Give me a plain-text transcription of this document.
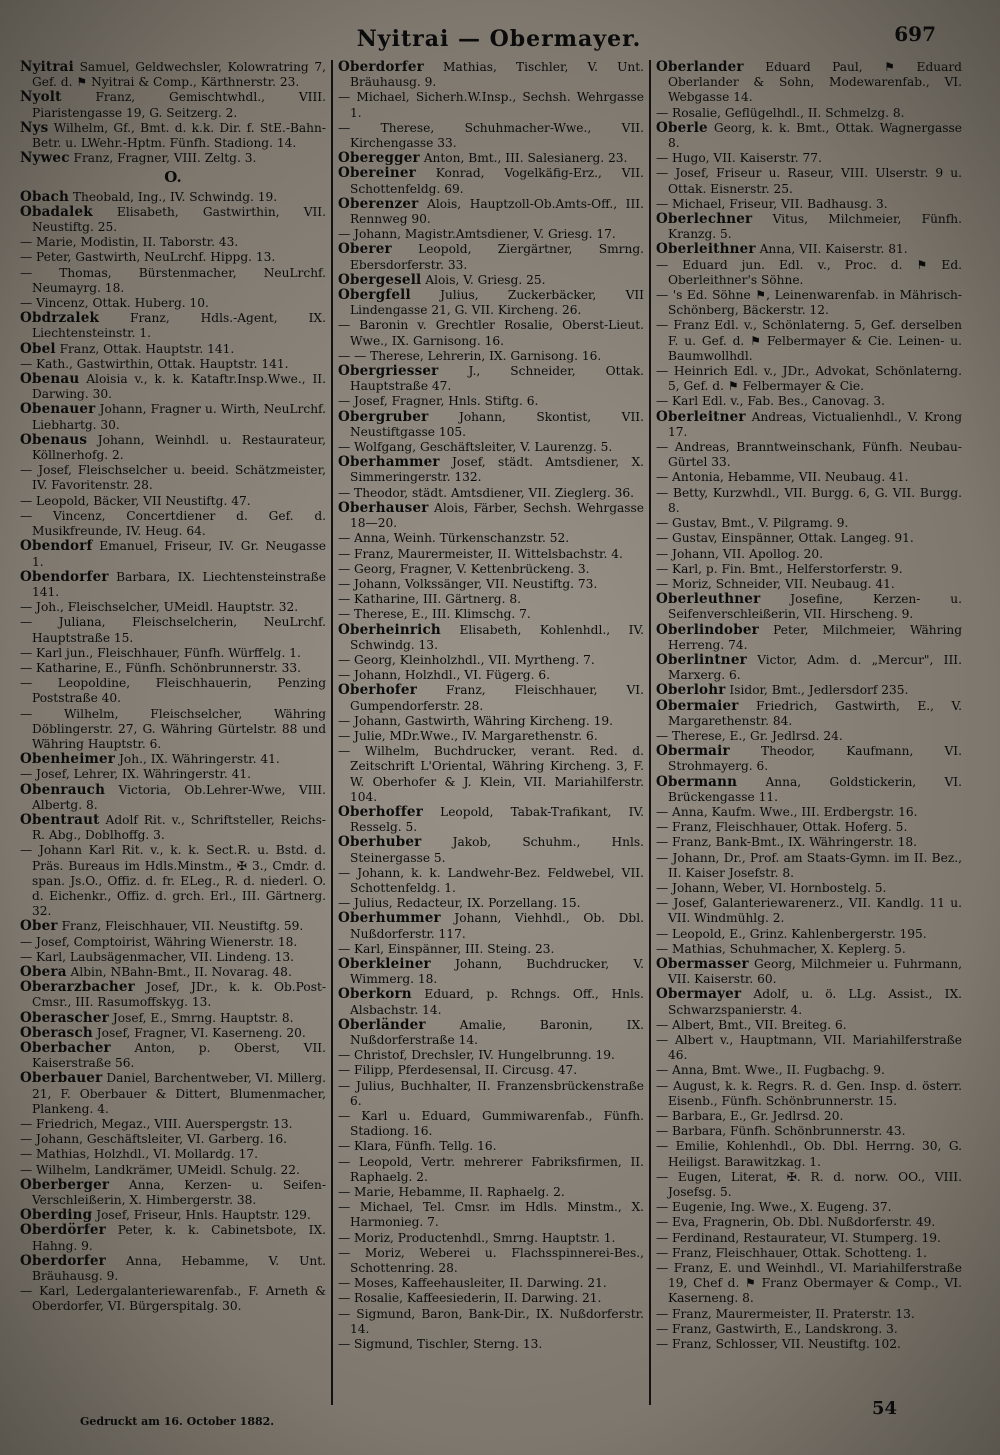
Nyitrai — Obermayer.	697

Nyitrai Samuel, Geldwechsler, Kolowratring 7, Gef. d. ⚑ Nyitrai & Comp., Kärthnerstr. 23.

Nyolt Franz, Gemischtwhdl., VIII. Piaristengasse 19, G. Seitzerg. 2.

Nys Wilhelm, Gf., Bmt. d. k.k. Dir. f. StE.-Bahn-Betr. u. LWehr.-Hptm. Fünfh. Stadiong. 14.

Nywec Franz, Fragner, VIII. Zeltg. 3.

O.

Obach Theobald, Ing., IV. Schwindg. 19.

Obadalek Elisabeth, Gastwirthin, VII. Neustiftg. 25.

— Marie, Modistin, II. Taborstr. 43.

— Peter, Gastwirth, NeuLrchf. Hippg. 13.

— Thomas, Bürstenmacher, NeuLrchf. Neumayrg. 18.

— Vincenz, Ottak. Huberg. 10.

Obdrzalek Franz, Hdls.-Agent, IX. Liechtensteinstr. 1.

Obel Franz, Ottak. Hauptstr. 141.

— Kath., Gastwirthin, Ottak. Hauptstr. 141.

Obenau Aloisia v., k. k. Kataftr.Insp.Wwe., II. Darwing. 30.

Obenauer Johann, Fragner u. Wirth, NeuLrchf. Liebhartg. 30.

Obenaus Johann, Weinhdl. u. Restaurateur, Köllnerhofg. 2.

— Josef, Fleischselcher u. beeid. Schätzmeister, IV. Favoritenstr. 28.

— Leopold, Bäcker, VII Neustiftg. 47.

— Vincenz, Concertdiener d. Gef. d. Musikfreunde, IV. Heug. 64.

Obendorf Emanuel, Friseur, IV. Gr. Neugasse 1.

Obendorfer Barbara, IX. Liechtensteinstraße 141.

— Joh., Fleischselcher, UMeidl. Hauptstr. 32.

— Juliana, Fleischselcherin, NeuLrchf. Hauptstraße 15.

— Karl jun., Fleischhauer, Fünfh. Würffelg. 1.

— Katharine, E., Fünfh. Schönbrunnerstr. 33.

— Leopoldine, Fleischhauerin, Penzing Poststraße 40.

— Wilhelm, Fleischselcher, Währing Döblingerstr. 27, G. Währing Gürtelstr. 88 und Währing Hauptstr. 6.

Obenheimer Joh., IX. Währingerstr. 41.

— Josef, Lehrer, IX. Währingerstr. 41.

Obenrauch Victoria, Ob.Lehrer-Wwe, VIII. Albertg. 8.

Obentraut Adolf Rit. v., Schriftsteller, Reichs-R. Abg., Doblhoffg. 3.

— Johann Karl Rit. v., k. k. Sect.R. u. Bstd. d. Präs. Bureaus im Hdls.Minstm., ✠ 3., Cmdr. d. span. Js.O., Offiz. d. fr. ELeg., R. d. niederl. O. d. Eichenkr., Offiz. d. grch. Erl., III. Gärtnerg. 32.

Ober Franz, Fleischhauer, VII. Neustiftg. 59.

— Josef, Comptoirist, Währing Wienerstr. 18.

— Karl, Laubsägenmacher, VII. Lindeng. 13.

Obera Albin, NBahn-Bmt., II. Novarag. 48.

Oberarzbacher Josef, JDr., k. k. Ob.Post-Cmsr., III. Rasumoffskyg. 13.

Oberascher Josef, E., Smrng. Hauptstr. 8.

Oberasch Josef, Fragner, VI. Kaserneng. 20.

Oberbacher Anton, p. Oberst, VII. Kaiserstraße 56.

Oberbauer Daniel, Barchentweber, VI. Millerg. 21, F. Oberbauer & Dittert, Blumenmacher, Plankeng. 4.

— Friedrich, Megaz., VIII. Auerspergstr. 13.

— Johann, Geschäftsleiter, VI. Garberg. 16.

— Mathias, Holzhdl., VI. Mollardg. 17.

— Wilhelm, Landkrämer, UMeidl. Schulg. 22.

Oberberger Anna, Kerzen- u. Seifen-Verschleißerin, X. Himbergerstr. 38.

Oberding Josef, Friseur, Hnls. Hauptstr. 129.

Oberdörfer Peter, k. k. Cabinetsbote, IX. Hahng. 9.

Oberdorfer Anna, Hebamme, V. Unt. Bräuhausg. 9.

— Karl, Ledergalanteriewarenfab., F. Arneth & Oberdorfer, VI. Bürgerspitalg. 30.

Oberdorfer Mathias, Tischler, V. Unt. Bräuhausg. 9.

— Michael, Sicherh.W.Insp., Sechsh. Wehrgasse 1.

— Therese, Schuhmacher-Wwe., VII. Kirchengasse 33.

Oberegger Anton, Bmt., III. Salesianerg. 23.

Obereiner Konrad, Vogelkäfig-Erz., VII. Schottenfeldg. 69.

Oberenzer Alois, Hauptzoll-Ob.Amts-Off., III. Rennweg 90.

— Johann, Magistr.Amtsdiener, V. Griesg. 17.

Oberer Leopold, Ziergärtner, Smrng. Ebersdorferstr. 33.

Obergesell Alois, V. Griesg. 25.

Obergfell Julius, Zuckerbäcker, VII Lindengasse 21, G. VII. Kircheng. 26.

— Baronin v. Grechtler Rosalie, Oberst-Lieut. Wwe., IX. Garnisong. 16.

— — Therese, Lehrerin, IX. Garnisong. 16.

Obergriesser J., Schneider, Ottak. Hauptstraße 47.

— Josef, Fragner, Hnls. Stiftg. 6.

Obergruber Johann, Skontist, VII. Neustiftgasse 105.

— Wolfgang, Geschäftsleiter, V. Laurenzg. 5.

Oberhammer Josef, städt. Amtsdiener, X. Simmeringerstr. 132.

— Theodor, städt. Amtsdiener, VII. Zieglerg. 36.

Oberhauser Alois, Färber, Sechsh. Wehrgasse 18—20.

— Anna, Weinh. Türkenschanzstr. 52.

— Franz, Maurermeister, II. Wittelsbachstr. 4.

— Georg, Fragner, V. Kettenbrückeng. 3.

— Johann, Volkssänger, VII. Neustiftg. 73.

— Katharine, III. Gärtnerg. 8.

— Therese, E., III. Klimschg. 7.

Oberheinrich Elisabeth, Kohlenhdl., IV. Schwindg. 13.

— Georg, Kleinholzhdl., VII. Myrtheng. 7.

— Johann, Holzhdl., VI. Fügerg. 6.

Oberhofer Franz, Fleischhauer, VI. Gumpendorferstr. 28.

— Johann, Gastwirth, Währing Kircheng. 19.

— Julie, MDr.Wwe., IV. Margarethenstr. 6.

— Wilhelm, Buchdrucker, verant. Red. d. Zeitschrift L'Oriental, Währing Kircheng. 3, F. W. Oberhofer & J. Klein, VII. Mariahilferstr. 104.

Oberhoffer Leopold, Tabak-Trafikant, IV. Resselg. 5.

Oberhuber Jakob, Schuhm., Hnls. Steinergasse 5.

— Johann, k. k. Landwehr-Bez. Feldwebel, VII. Schottenfeldg. 1.

— Julius, Redacteur, IX. Porzellang. 15.

Oberhummer Johann, Viehhdl., Ob. Dbl. Nußdorferstr. 117.

— Karl, Einspänner, III. Steing. 23.

Oberkleiner Johann, Buchdrucker, V. Wimmerg. 18.

Oberkorn Eduard, p. Rchngs. Off., Hnls. Alsbachstr. 14.

Oberländer Amalie, Baronin, IX. Nußdorferstraße 14.

— Christof, Drechsler, IV. Hungelbrunng. 19.

— Filipp, Pferdesensal, II. Circusg. 47.

— Julius, Buchhalter, II. Franzensbrückenstraße 6.

— Karl u. Eduard, Gummiwarenfab., Fünfh. Stadiong. 16.

— Klara, Fünfh. Tellg. 16.

— Leopold, Vertr. mehrerer Fabriksfirmen, II. Raphaelg. 2.

— Marie, Hebamme, II. Raphaelg. 2.

— Michael, Tel. Cmsr. im Hdls. Minstm., X. Harmonieg. 7.

— Moriz, Productenhdl., Smrng. Hauptstr. 1.

— Moriz, Weberei u. Flachsspinnerei-Bes., Schottenring. 28.

— Moses, Kaffeehausleiter, II. Darwing. 21.

— Rosalie, Kaffeesiederin, II. Darwing. 21.

— Sigmund, Baron, Bank-Dir., IX. Nußdorferstr. 14.

— Sigmund, Tischler, Sterng. 13.

Oberlander Eduard Paul, ⚑ Eduard Oberlander & Sohn, Modewarenfab., VI. Webgasse 14.

— Rosalie, Geflügelhdl., II. Schmelzg. 8.

Oberle Georg, k. k. Bmt., Ottak. Wagnergasse 8.

— Hugo, VII. Kaiserstr. 77.

— Josef, Friseur u. Raseur, VIII. Ulserstr. 9 u. Ottak. Eisnerstr. 25.

— Michael, Friseur, VII. Badhausg. 3.

Oberlechner Vitus, Milchmeier, Fünfh. Kranzg. 5.

Oberleithner Anna, VII. Kaiserstr. 81.

— Eduard jun. Edl. v., Proc. d. ⚑ Ed. Oberleithner's Söhne.

— 's Ed. Söhne ⚑, Leinenwarenfab. in Mährisch-Schönberg, Bäckerstr. 12.

— Franz Edl. v., Schönlaterng. 5, Gef. derselben F. u. Gef. d. ⚑ Felbermayer & Cie. Leinen- u. Baumwollhdl.

— Heinrich Edl. v., JDr., Advokat, Schönlaterng. 5, Gef. d. ⚑ Felbermayer & Cie.

— Karl Edl. v., Fab. Bes., Canovag. 3.

Oberleitner Andreas, Victualienhdl., V. Krong 17.

— Andreas, Branntweinschank, Fünfh. Neubau-Gürtel 33.

— Antonia, Hebamme, VII. Neubaug. 41.

— Betty, Kurzwhdl., VII. Burgg. 6, G. VII. Burgg. 8.

— Gustav, Bmt., V. Pilgramg. 9.

— Gustav, Einspänner, Ottak. Langeg. 91.

— Johann, VII. Apollog. 20.

— Karl, p. Fin. Bmt., Helferstorferstr. 9.

— Moriz, Schneider, VII. Neubaug. 41.

Oberleuthner Josefine, Kerzen- u. Seifenverschleißerin, VII. Hirscheng. 9.

Oberlindober Peter, Milchmeier, Währing Herreng. 74.

Oberlintner Victor, Adm. d. „Mercur", III. Marxerg. 6.

Oberlohr Isidor, Bmt., Jedlersdorf 235.

Obermaier Friedrich, Gastwirth, E., V. Margarethenstr. 84.

— Therese, E., Gr. Jedlrsd. 24.

Obermair Theodor, Kaufmann, VI. Strohmayerg. 6.

Obermann Anna, Goldstickerin, VI. Brückengasse 11.

— Anna, Kaufm. Wwe., III. Erdbergstr. 16.

— Franz, Fleischhauer, Ottak. Hoferg. 5.

— Franz, Bank-Bmt., IX. Währingerstr. 18.

— Johann, Dr., Prof. am Staats-Gymn. im II. Bez., II. Kaiser Josefstr. 8.

— Johann, Weber, VI. Hornbostelg. 5.

— Josef, Galanteriewarenerz., VII. Kandlg. 11 u. VII. Windmühlg. 2.

— Leopold, E., Grinz. Kahlenbergerstr. 195.

— Mathias, Schuhmacher, X. Keplerg. 5.

Obermasser Georg, Milchmeier u. Fuhrmann, VII. Kaiserstr. 60.

Obermayer Adolf, u. ö. LLg. Assist., IX. Schwarzspanierstr. 4.

— Albert, Bmt., VII. Breiteg. 6.

— Albert v., Hauptmann, VII. Mariahilferstraße 46.

— Anna, Bmt. Wwe., II. Fugbachg. 9.

— August, k. k. Regrs. R. d. Gen. Insp. d. österr. Eisenb., Fünfh. Schönbrunnerstr. 15.

— Barbara, E., Gr. Jedlrsd. 20.

— Barbara, Fünfh. Schönbrunnerstr. 43.

— Emilie, Kohlenhdl., Ob. Dbl. Herrng. 30, G. Heiligst. Barawitzkag. 1.

— Eugen, Literat, ✠. R. d. norw. OO., VIII. Josefsg. 5.

— Eugenie, Ing. Wwe., X. Eugeng. 37.

— Eva, Fragnerin, Ob. Dbl. Nußdorferstr. 49.

— Ferdinand, Restaurateur, VI. Stumperg. 19.

— Franz, Fleischhauer, Ottak. Schotteng. 1.

— Franz, E. und Weinhdl., VI. Mariahilferstraße 19, Chef d. ⚑ Franz Obermayer & Comp., VI. Kaserneng. 8.

— Franz, Maurermeister, II. Praterstr. 13.

— Franz, Gastwirth, E., Landskrong. 3.

— Franz, Schlosser, VII. Neustiftg. 102.

Gedruckt am 16. October 1882.
54
